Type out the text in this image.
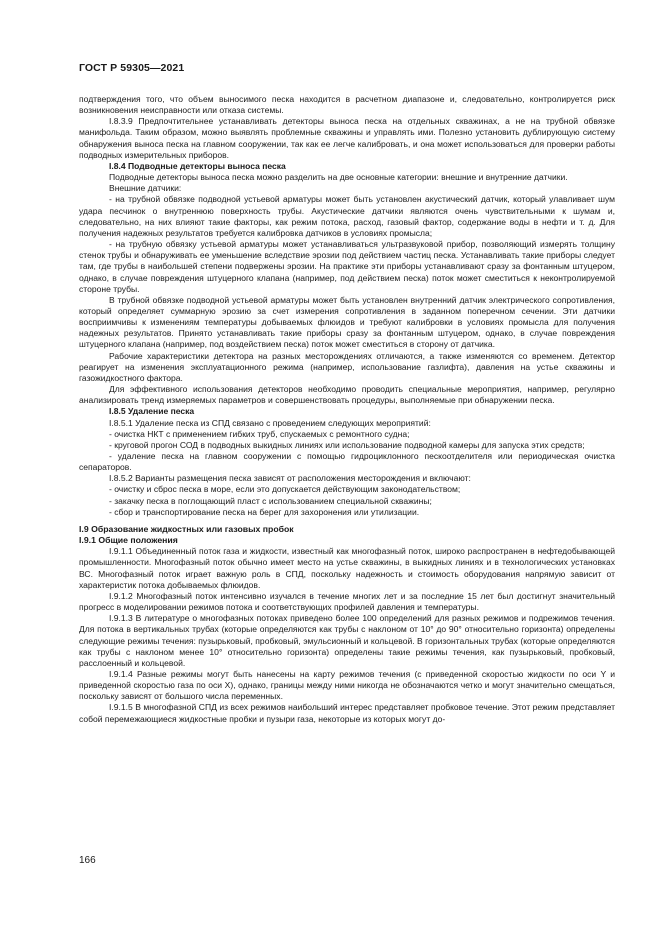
ГОСТ Р 59305—2021

подтверждения того, что объем выносимого песка находится в расчетном диапазоне и, следовательно, контролируется риск возникновения неисправности или отказа системы.

I.8.3.9 Предпочтительнее устанавливать детекторы выноса песка на отдельных скважинах, а не на трубной обвязке манифольда. Таким образом, можно выявлять проблемные скважины и управлять ими. Полезно установить дублирующую систему обнаружения выноса песка на главном сооружении, так как ее легче калибровать, и она может использоваться для проверки работы подводных измерительных приборов.

I.8.4 Подводные детекторы выноса песка

Подводные детекторы выноса песка можно разделить на две основные категории: внешние и внутренние датчики.

Внешние датчики:

- на трубной обвязке подводной устьевой арматуры может быть установлен акустический датчик, который улавливает шум удара песчинок о внутреннюю поверхность трубы. Акустические датчики являются очень чувствительными к шумам и, следовательно, на них влияют такие факторы, как режим потока, расход, газовый фактор, содержание воды в нефти и т. д. Для получения надежных результатов требуется калибровка датчиков в условиях промысла;

- на трубную обвязку устьевой арматуры может устанавливаться ультразвуковой прибор, позволяющий измерять толщину стенок трубы и обнаруживать ее уменьшение вследствие эрозии под действием частиц песка. Устанавливать такие приборы следует там, где трубы в наибольшей степени подвержены эрозии. На практике эти приборы устанавливают сразу за фонтанным штуцером, однако, в случае повреждения штуцерного клапана (например, под действием песка) поток может сместиться к неконтролируемой стороне трубы.

В трубной обвязке подводной устьевой арматуры может быть установлен внутренний датчик электрического сопротивления, который определяет суммарную эрозию за счет измерения сопротивления в заданном поперечном сечении. Эти датчики восприимчивы к изменениям температуры добываемых флюидов и требуют калибровки в условиях промысла для получения надежных результатов. Принято устанавливать такие приборы сразу за фонтанным штуцером, однако, в случае повреждения штуцерного клапана (например, под воздействием песка) поток может сместиться в сторону от датчика.

Рабочие характеристики детектора на разных месторождениях отличаются, а также изменяются со временем. Детектор реагирует на изменения эксплуатационного режима (например, использование газлифта), давления на устье скважины и газожидкостного фактора.

Для эффективного использования детекторов необходимо проводить специальные мероприятия, например, регулярно анализировать тренд измеряемых параметров и совершенствовать процедуры, выполняемые при обнаружении песка.

I.8.5 Удаление песка

I.8.5.1 Удаление песка из СПД связано с проведением следующих мероприятий:

- очистка НКТ с применением гибких труб, спускаемых с ремонтного судна;

- круговой прогон СОД в подводных выкидных линиях или использование подводной камеры для запуска этих средств;

- удаление песка на главном сооружении с помощью гидроциклонного пескоотделителя или периодическая очистка сепараторов.

I.8.5.2 Варианты размещения песка зависят от расположения месторождения и включают:

- очистку и сброс песка в море, если это допускается действующим законодательством;

- закачку песка в поглощающий пласт с использованием специальной скважины;

- сбор и транспортирование песка на берег для захоронения или утилизации.

I.9 Образование жидкостных или газовых пробок
I.9.1 Общие положения

I.9.1.1 Объединенный поток газа и жидкости, известный как многофазный поток, широко распространен в нефтедобывающей промышленности. Многофазный поток обычно имеет место на устье скважины, в выкидных линиях и в технологических установках ВС. Многофазный поток играет важную роль в СПД, поскольку надежность и стоимость оборудования напрямую зависит от характеристик потока добываемых флюидов.

I.9.1.2 Многофазный поток интенсивно изучался в течение многих лет и за последние 15 лет был достигнут значительный прогресс в моделировании режимов потока и соответствующих профилей давления и температуры.

I.9.1.3 В литературе о многофазных потоках приведено более 100 определений для разных режимов и подрежимов течения. Для потока в вертикальных трубах (которые определяются как трубы с наклоном от 10° до 90° относительно горизонта) определены следующие режимы течения: пузырьковый, пробковый, эмульсионный и кольцевой. В горизонтальных трубах (которые определяются как трубы с наклоном менее 10° относительно горизонта) определены такие режимы течения, как пузырьковый, пробковый, расслоенный и кольцевой.

I.9.1.4 Разные режимы могут быть нанесены на карту режимов течения (с приведенной скоростью жидкости по оси Y и приведенной скоростью газа по оси X), однако, границы между ними никогда не обозначаются четко и могут значительно смещаться, поскольку зависят от большого числа переменных.

I.9.1.5 В многофазной СПД из всех режимов наибольший интерес представляет пробковое течение. Этот режим представляет собой перемежающиеся жидкостные пробки и пузыри газа, некоторые из которых могут до-

166
